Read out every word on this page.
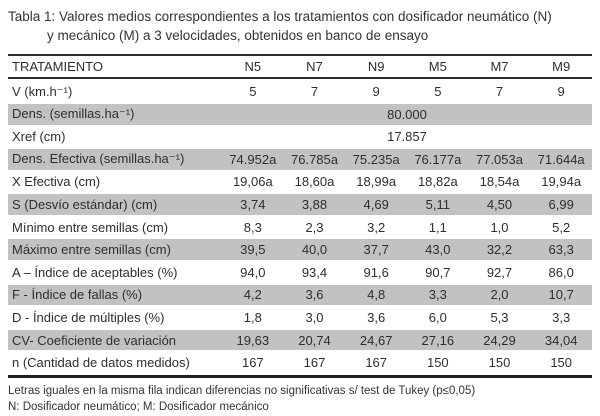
Tabla 1: Valores medios correspondientes a los tratamientos con dosificador neumático (N)
y mecánico (M) a 3 velocidades, obtenidos en banco de ensayo
TRATAMIENTO	N5	N7	N9	M5	M7	M9
V (km.h⁻¹)	5	7	9	5	7	9
Dens. (semillas.ha⁻¹)	80.000
Xref (cm)	17.857
Dens. Efectiva (semillas.ha⁻¹)	74.952a	76.785a	75.235a	76.177a	77.053a	71.644a
X Efectiva (cm)	19,06a	18,60a	18,99a	18,82a	18,54a	19,94a
S (Desvío estándar) (cm)	3,74	3,88	4,69	5,11	4,50	6,99
Mínimo entre semillas (cm)	8,3	2,3	3,2	1,1	1,0	5,2
Máximo entre semillas (cm)	39,5	40,0	37,7	43,0	32,2	63,3
A – Índice de aceptables (%)	94,0	93,4	91,6	90,7	92,7	86,0
F - Índice de fallas (%)	4,2	3,6	4,8	3,3	2,0	10,7
D - Índice de múltiples (%)	1,8	3,0	3,6	6,0	5,3	3,3
CV- Coeficiente de variación	19,63	20,74	24,67	27,16	24,29	34,04
n (Cantidad de datos medidos)	167	167	167	150	150	150
Letras iguales en la misma fila indican diferencias no significativas s/ test de Tukey (p≤0,05)
N: Dosificador neumático; M: Dosificador mecánico
